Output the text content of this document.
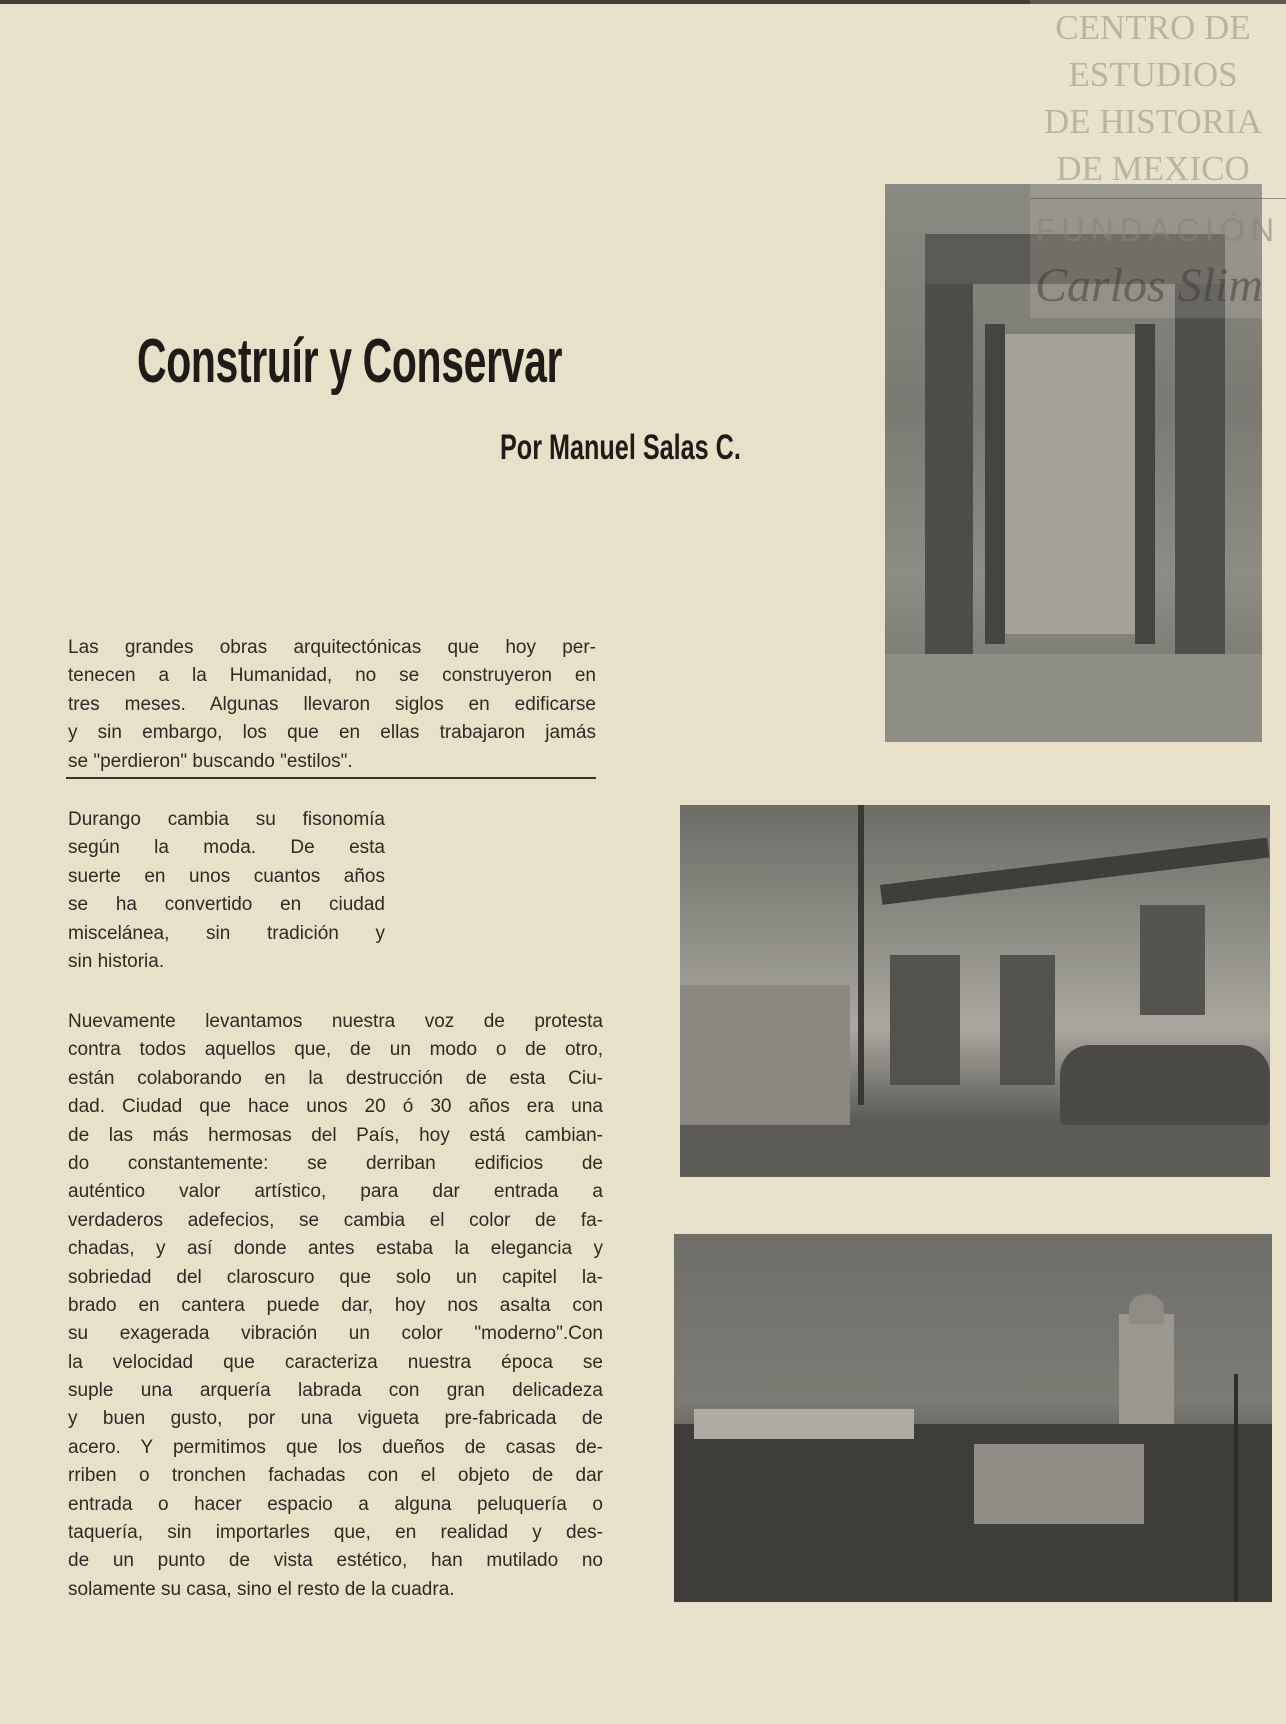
Construír y Conservar
Por Manuel Salas C.
Las grandes obras arquitectónicas que hoy per-
tenecen a la Humanidad, no se construyeron en
tres meses. Algunas llevaron siglos en edificarse
y sin embargo, los que en ellas trabajaron jamás
se "perdieron" buscando "estilos".
Durango cambia su fisonomía
según la moda. De esta
suerte en unos cuantos años
se ha convertido en ciudad
miscelánea, sin tradición y
sin historia.
Nuevamente levantamos nuestra voz de protesta
contra todos aquellos que, de un modo o de otro,
están colaborando en la destrucción de esta Ciu-
dad. Ciudad que hace unos 20 ó 30 años era una
de las más hermosas del País, hoy está cambian-
do constantemente: se derriban edificios de
auténtico valor artístico, para dar entrada a
verdaderos adefecios, se cambia el color de fa-
chadas, y así donde antes estaba la elegancia y
sobriedad del claroscuro que solo un capitel la-
brado en cantera puede dar, hoy nos asalta con
su exagerada vibración un color "moderno".Con
la velocidad que caracteriza nuestra época se
suple una arquería labrada con gran delicadeza
y buen gusto, por una vigueta pre-fabricada de
acero. Y permitimos que los dueños de casas de-
rriben o tronchen fachadas con el objeto de dar
entrada o hacer espacio a alguna peluquería o
taquería, sin importarles que, en realidad y des-
de un punto de vista estético, han mutilado no
solamente su casa, sino el resto de la cuadra.
CENTRO DE
ESTUDIOS
DE HISTORIA
DE MEXICO
FUNDACIÓN
Carlos Slim
